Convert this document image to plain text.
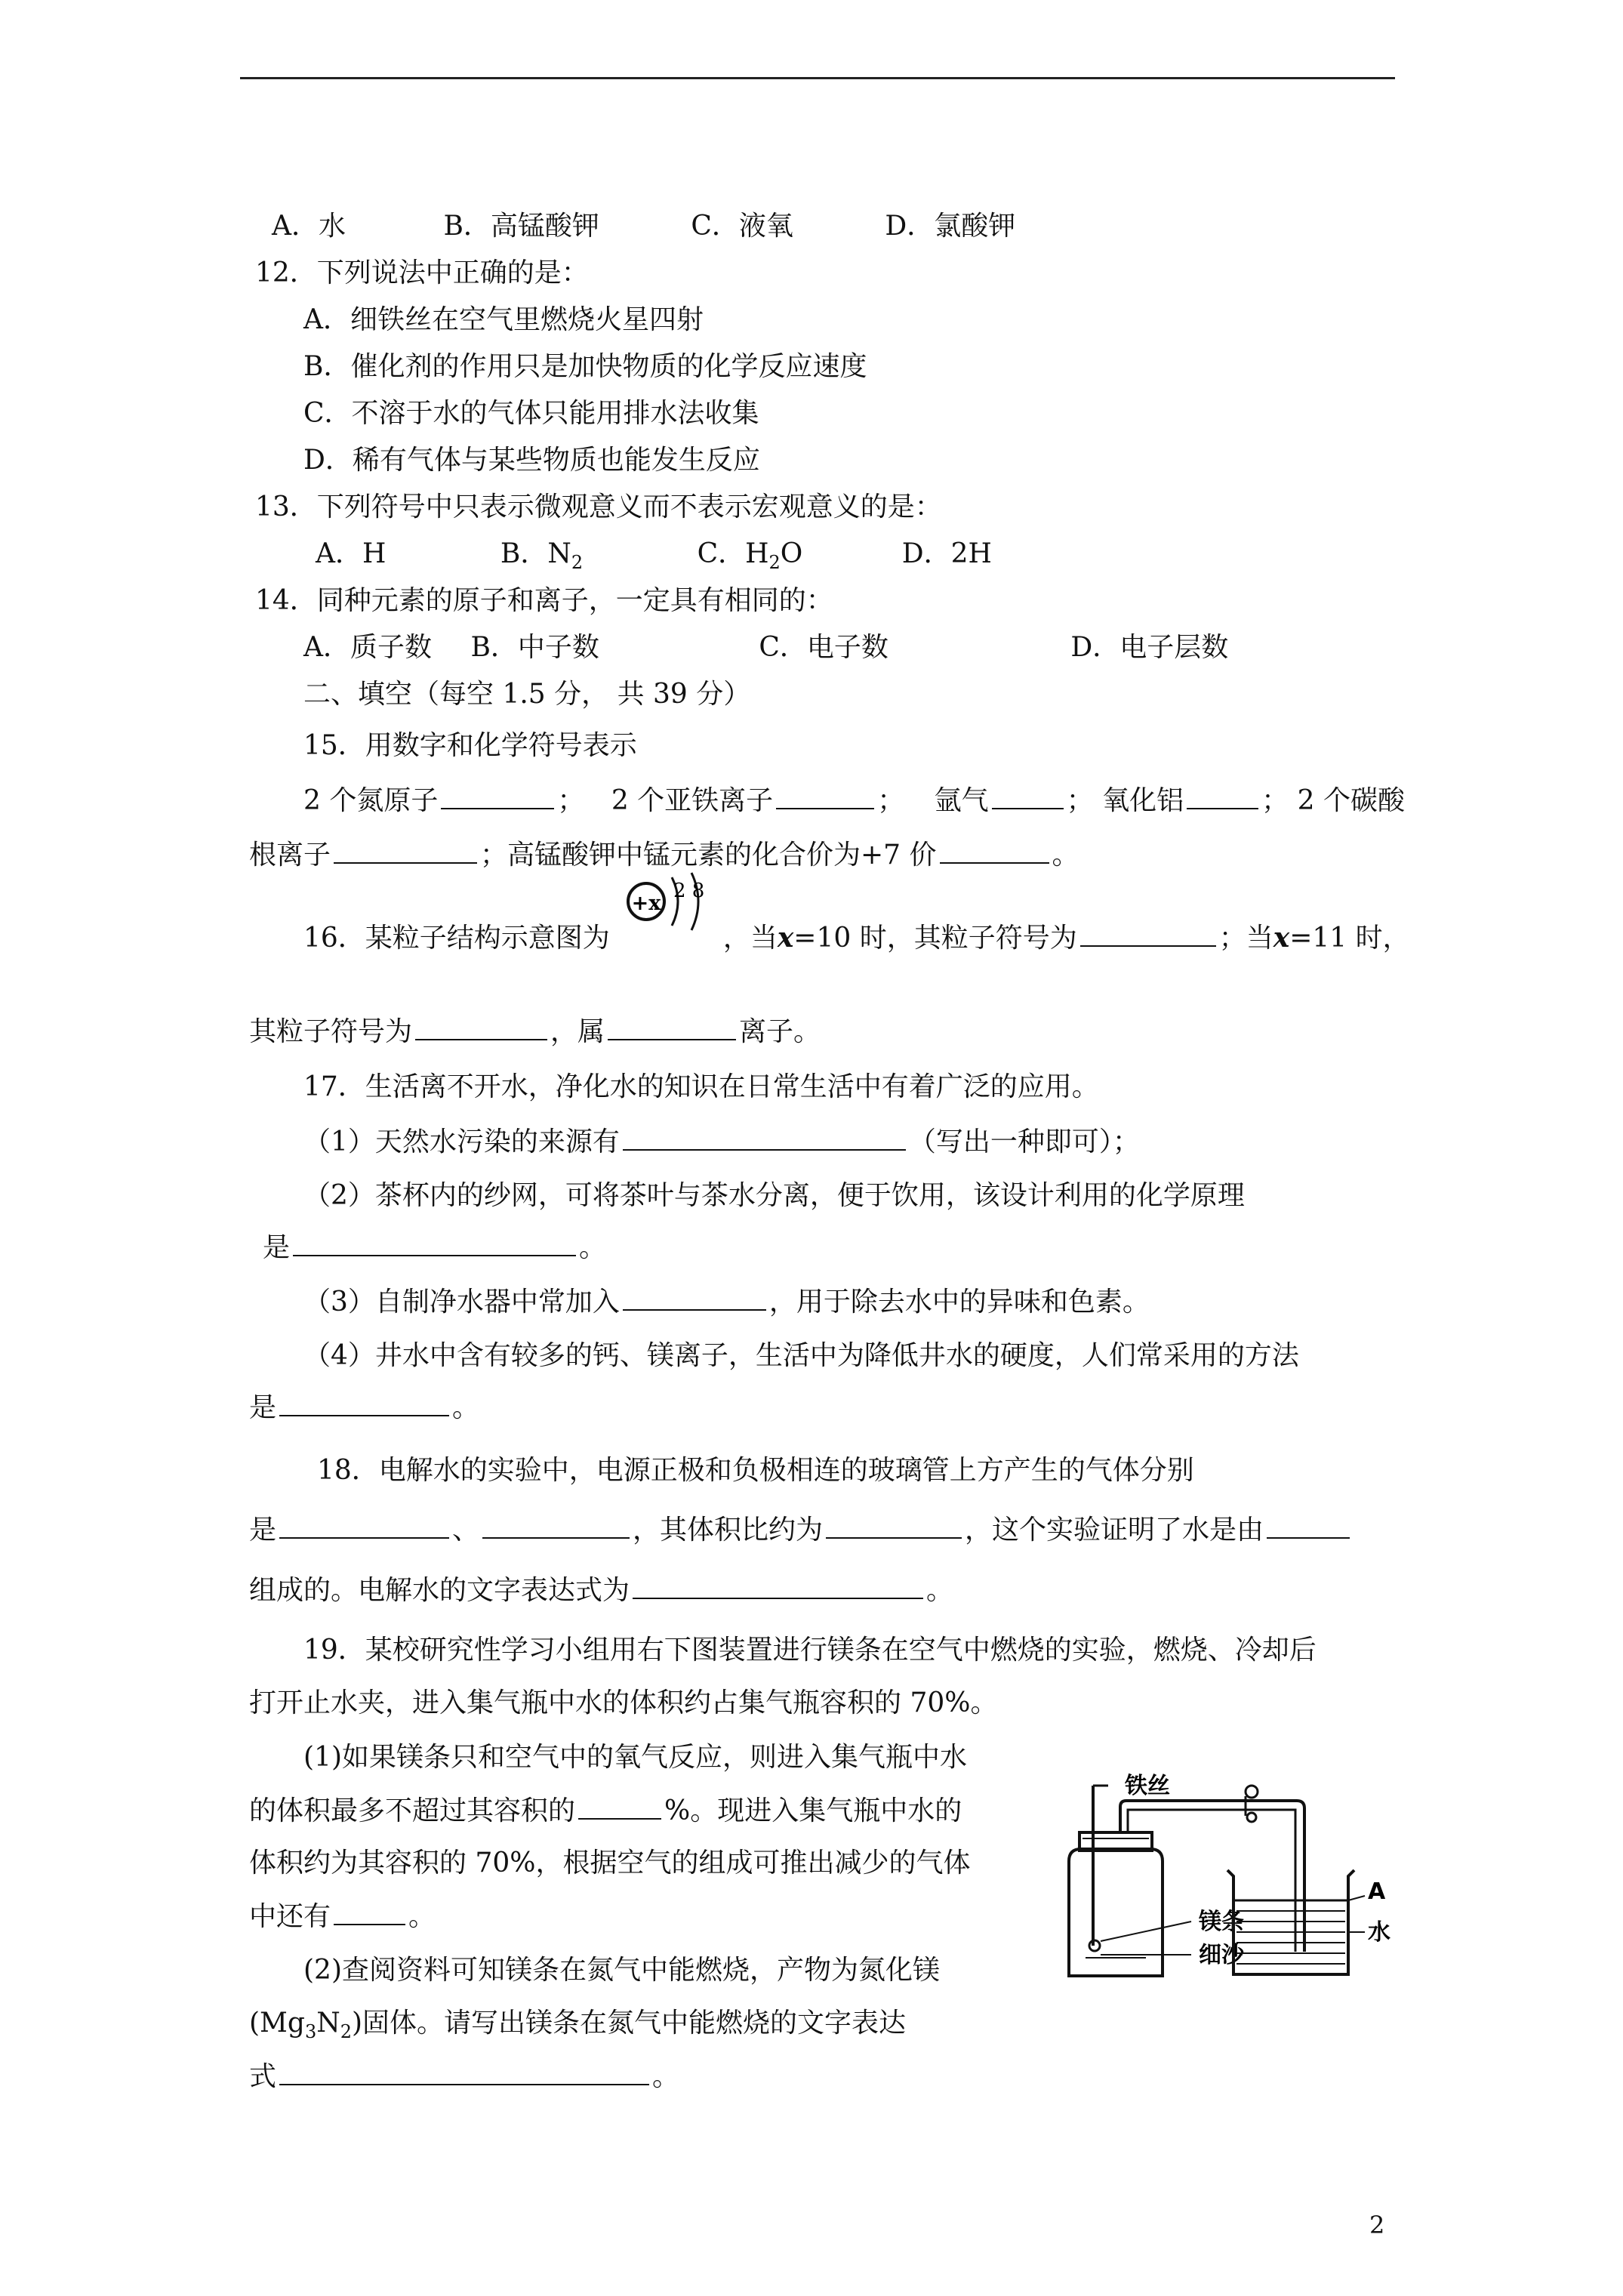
A．水	B．高锰酸钾	C．液氧	D．氯酸钾
12．下列说法中正确的是：
A．细铁丝在空气里燃烧火星四射
B．催化剂的作用只是加快物质的化学反应速度
C．不溶于水的气体只能用排水法收集
D．稀有气体与某些物质也能发生反应
13．下列符号中只表示微观意义而不表示宏观意义的是：
A．H	B．$N_2$	C．$H_2O$	D．2H
14．同种元素的原子和离子，一定具有相同的：
A．质子数 B．中子数	C．电子数	D．电子层数
二、填空（每空 1.5 分， 共 39 分）
15．用数字和化学符号表示
2 个氮原子	； 2 个亚铁离子	； 氩气	； 氧化铝	； 2 个碳酸
根离子	；高锰酸钾中锰元素的化合价为+7 价	。
16．某粒子结构示意图为	，当x=10 时，其粒子符号为	；当x=11 时，
+x
2 8
其粒子符号为	，属	离子。
17．生活离不开水，净化水的知识在日常生活中有着广泛的应用。
（1）天然水污染的来源有	（写出一种即可）；
（2）茶杯内的纱网，可将茶叶与茶水分离，便于饮用，该设计利用的化学原理
是	。
（3）自制净水器中常加入	，用于除去水中的异味和色素。
（4）井水中含有较多的钙、镁离子，生活中为降低井水的硬度，人们常采用的方法
是	。
18．电解水的实验中，电源正极和负极相连的玻璃管上方产生的气体分别
是	、	，其体积比约为	，这个实验证明了水是由
组成的。电解水的文字表达式为	。
19．某校研究性学习小组用右下图装置进行镁条在空气中燃烧的实验，燃烧、冷却后
打开止水夹，进入集气瓶中水的体积约占集气瓶容积的 70%。
(1)如果镁条只和空气中的氧气反应，则进入集气瓶中水
的体积最多不超过其容积的	%。现进入集气瓶中水的
体积约为其容积的 70%，根据空气的组成可推出减少的气体
中还有	。
(2)查阅资料可知镁条在氮气中能燃烧，产物为氮化镁
$(Mg_3N_2)$固体。请写出镁条在氮气中能燃烧的文字表达
式	。
铁丝
镁条
细沙
A
水
2
